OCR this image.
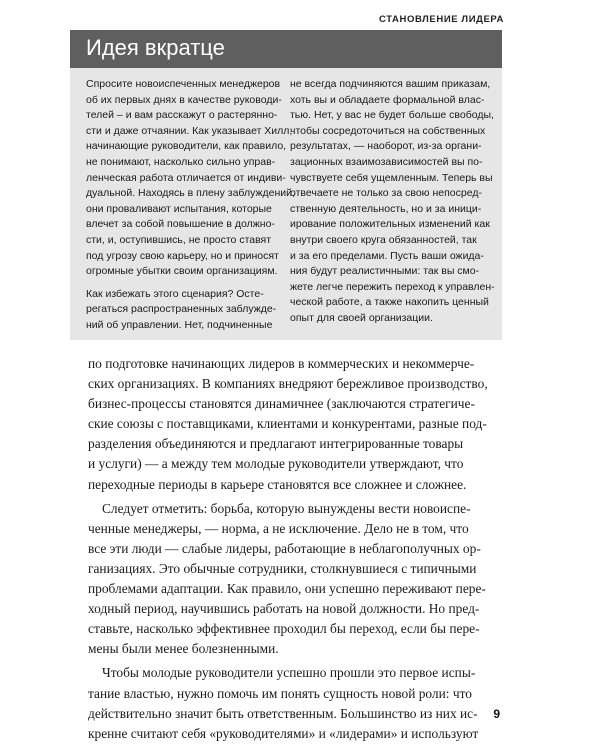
СТАНОВЛЕНИЕ ЛИДЕРА
Идея вкратце
Спросите новоиспеченных менеджеров
об их первых днях в качестве руководи-
телей – и вам расскажут о растерянно-
сти и даже отчаянии. Как указывает Хилл,
начинающие руководители, как правило,
не понимают, насколько сильно управ-
ленческая работа отличается от индиви-
дуальной. Находясь в плену заблуждений,
они проваливают испытания, которые
влечет за собой повышение в должно-
сти, и, оступившись, не просто ставят
под угрозу свою карьеру, но и приносят
огромные убытки своим организациям.
Как избежать этого сценария? Осте-
регаться распространенных заблужде-
ний об управлении. Нет, подчиненные
не всегда подчиняются вашим приказам,
хоть вы и обладаете формальной влас-
тью. Нет, у вас не будет больше свободы,
чтобы сосредоточиться на собственных
результатах, — наоборот, из-за органи-
зационных взаимозависимостей вы по-
чувствуете себя ущемленным. Теперь вы
отвечаете не только за свою непосред-
ственную деятельность, но и за иници-
ирование положительных изменений как
внутри своего круга обязанностей, так
и за его пределами. Пусть ваши ожида-
ния будут реалистичными: так вы смо-
жете легче пережить переход к управлен-
ческой работе, а также накопить ценный
опыт для своей организации.
по подготовке начинающих лидеров в коммерческих и некоммерче-
ских организациях. В компаниях внедряют бережливое производство,
бизнес-процессы становятся динамичнее (заключаются стратегиче-
ские союзы с поставщиками, клиентами и конкурентами, разные под-
разделения объединяются и предлагают интегрированные товары
и услуги) — а между тем молодые руководители утверждают, что
переходные периоды в карьере становятся все сложнее и сложнее.
Следует отметить: борьба, которую вынуждены вести новоиспе-
ченные менеджеры, — норма, а не исключение. Дело не в том, что
все эти люди — слабые лидеры, работающие в неблагополучных ор-
ганизациях. Это обычные сотрудники, столкнувшиеся с типичными
проблемами адаптации. Как правило, они успешно переживают пере-
ходный период, научившись работать на новой должности. Но пред-
ставьте, насколько эффективнее проходил бы переход, если бы пере-
мены были менее болезненными.
Чтобы молодые руководители успешно прошли это первое испы-
тание властью, нужно помочь им понять сущность новой роли: что
действительно значит быть ответственным. Большинство из них ис-
кренне считают себя «руководителями» и «лидерами» и используют
9
